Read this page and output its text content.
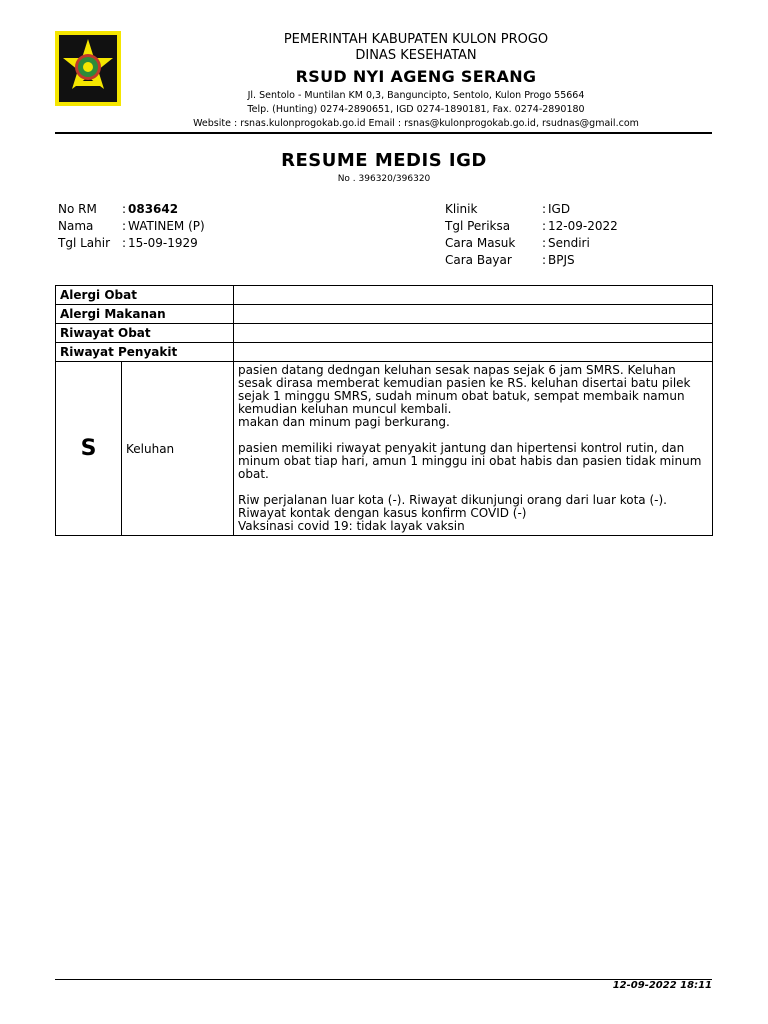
PEMERINTAH KABUPATEN KULON PROGO
DINAS KESEHATAN
RSUD NYI AGENG SERANG
Jl. Sentolo - Muntilan KM 0,3, Banguncipto, Sentolo, Kulon Progo 55664
Telp. (Hunting) 0274-2890651, IGD 0274-1890181, Fax. 0274-2890180
Website : rsnas.kulonprogokab.go.id Email : rsnas@kulonprogokab.go.id, rsudnas@gmail.com
RESUME MEDIS IGD
No . 396320/396320
No RM	: 083642
Nama	: WATINEM (P)
Tgl Lahir : 15-09-1929
Klinik	: IGD
Tgl Periksa	: 12-09-2022
Cara Masuk	: Sendiri
Cara Bayar	: BPJS
Alergi Obat		
Alergi Makanan		
Riwayat Obat		
Riwayat Penyakit		
S	Keluhan	pasien datang dedngan keluhan sesak napas sejak 6 jam SMRS. Keluhan sesak dirasa memberat kemudian pasien ke RS. keluhan disertai batu pilek sejak 1 minggu SMRS, sudah minum obat batuk, sempat membaik namun kemudian keluhan muncul kembali.

makan dan minum pagi berkurang.

pasien memiliki riwayat penyakit jantung dan hipertensi kontrol rutin, dan minum obat tiap hari, amun 1 minggu ini obat habis dan pasien tidak minum obat.

Riw perjalanan luar kota (-). Riwayat dikunjungi orang dari luar kota (-). Riwayat kontak dengan kasus konfirm COVID (-)

Vaksinasi covid 19: tidak layak vaksin

12-09-2022 18:11
